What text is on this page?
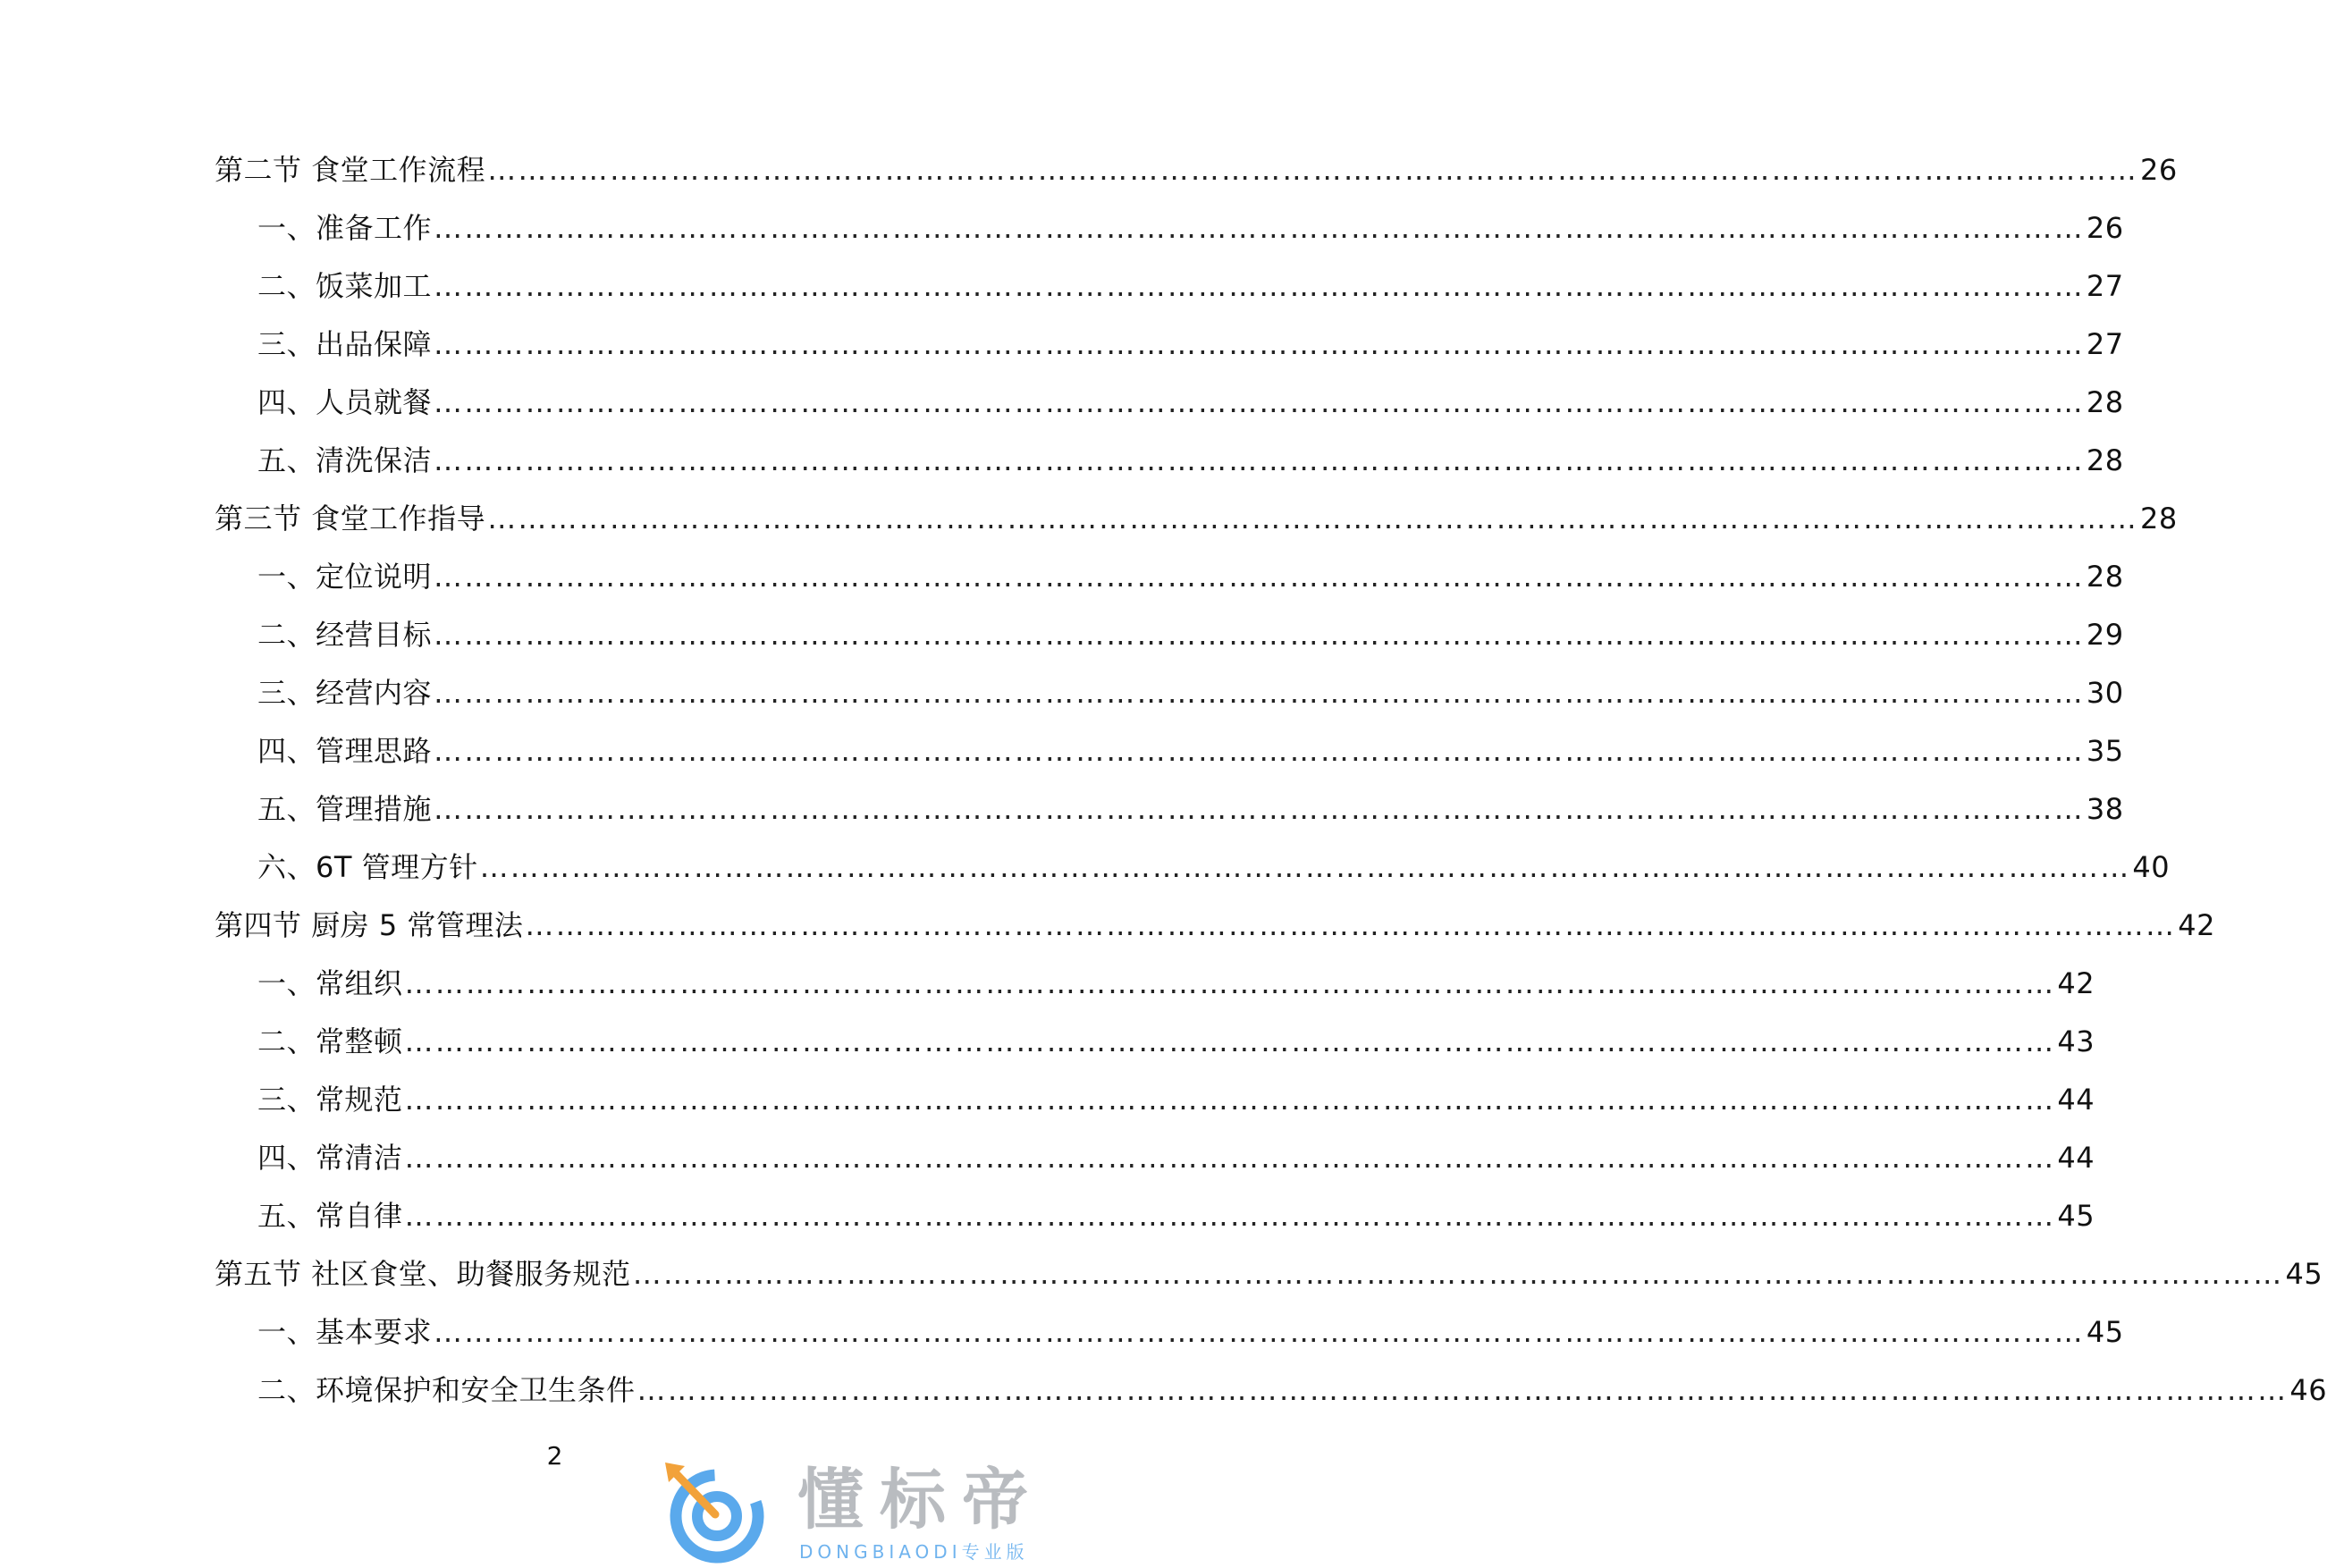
第二节 食堂工作流程 ……………………………………………………………………………………………………………………………………………… 26
一、准备工作 ……………………………………………………………………………………………………………………………………………… 26
二、饭菜加工 ……………………………………………………………………………………………………………………………………………… 27
三、出品保障 ……………………………………………………………………………………………………………………………………………… 27
四、人员就餐 ……………………………………………………………………………………………………………………………………………… 28
五、清洗保洁 ……………………………………………………………………………………………………………………………………………… 28
第三节 食堂工作指导 ……………………………………………………………………………………………………………………………………………… 28
一、定位说明 ……………………………………………………………………………………………………………………………………………… 28
二、经营目标 ……………………………………………………………………………………………………………………………………………… 29
三、经营内容 ……………………………………………………………………………………………………………………………………………… 30
四、管理思路 ……………………………………………………………………………………………………………………………………………… 35
五、管理措施 ……………………………………………………………………………………………………………………………………………… 38
六、6T 管理方针 ……………………………………………………………………………………………………………………………………………… 40
第四节 厨房 5 常管理法 ……………………………………………………………………………………………………………………………………………… 42
一、常组织 ……………………………………………………………………………………………………………………………………………… 42
二、常整顿 ……………………………………………………………………………………………………………………………………………… 43
三、常规范 ……………………………………………………………………………………………………………………………………………… 44
四、常清洁 ……………………………………………………………………………………………………………………………………………… 44
五、常自律 ……………………………………………………………………………………………………………………………………………… 45
第五节 社区食堂、助餐服务规范 ……………………………………………………………………………………………………………………………………………… 45
一、基本要求 ……………………………………………………………………………………………………………………………………………… 45
二、环境保护和安全卫生条件 ……………………………………………………………………………………………………………………………………………… 46
2
懂标帝
DONGBIAODI专业版
